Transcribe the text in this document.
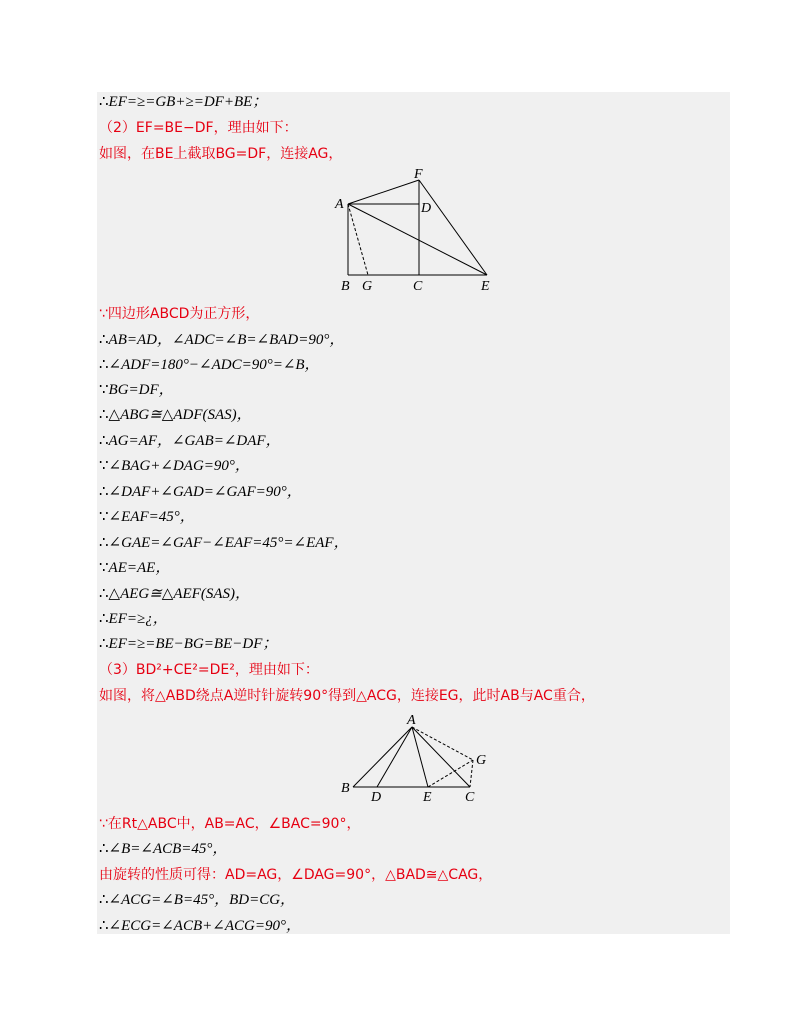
∴EF=≥=GB+≥=DF+BE；
（2）EF=BE−DF，理由如下：
如图，在BE上截取BG=DF，连接AG，
∵四边形ABCD为正方形，
∴AB=AD，∠ADC=∠B=∠BAD=90°，
∴∠ADF=180°−∠ADC=90°=∠B，
∵BG=DF，
∴△ABG≅△ADF(SAS)，
∴AG=AF，∠GAB=∠DAF，
∵∠BAG+∠DAG=90°，
∴∠DAF+∠GAD=∠GAF=90°，
∵∠EAF=45°，
∴∠GAE=∠GAF−∠EAF=45°=∠EAF，
∵AE=AE，
∴△AEG≅△AEF(SAS)，
∴EF=≥¿，
∴EF=≥=BE−BG=BE−DF；
（3）BD²+CE²=DE²，理由如下：
如图，将△ABD绕点A逆时针旋转90°得到△ACG，连接EG，此时AB与AC重合，
∵在Rt△ABC中，AB=AC，∠BAC=90°，
∴∠B=∠ACB=45°，
由旋转的性质可得：AD=AG，∠DAG=90°，△BAD≅△CAG，
∴∠ACG=∠B=45°，BD=CG，
∴∠ECG=∠ACB+∠ACG=90°，
A
F
D
B G	C	E
A
G
B
D	E C
